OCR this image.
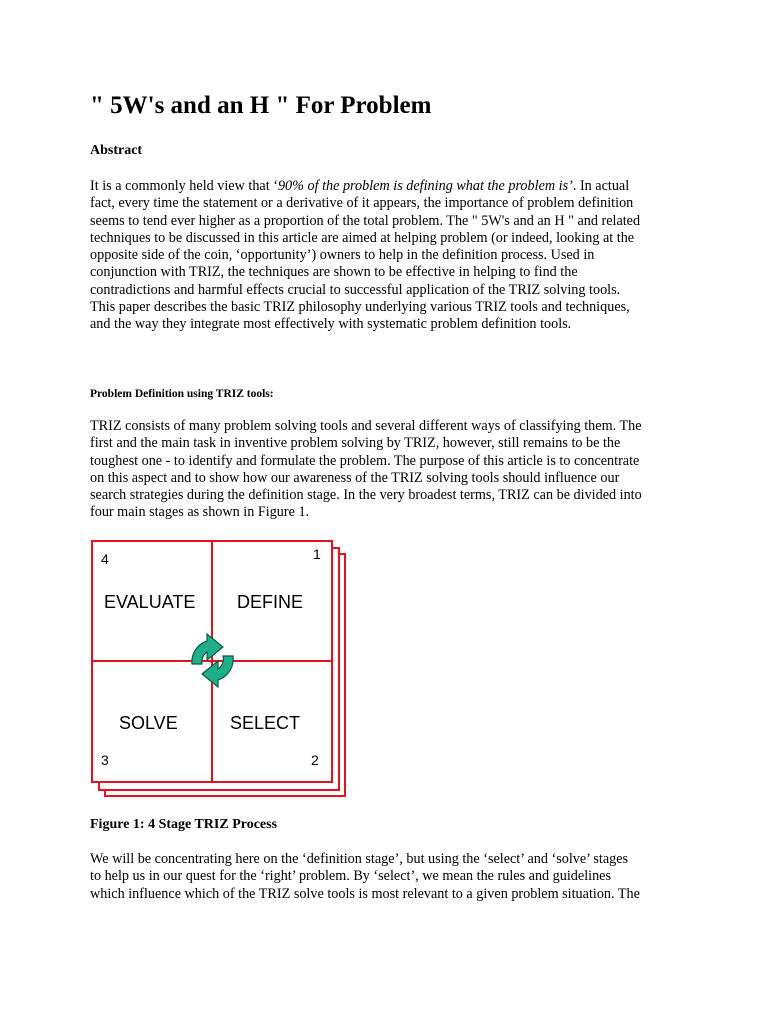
" 5W's and an H " For Problem

Abstract

It is a commonly held view that ‘90% of the problem is defining what the problem is’. In actual
fact, every time the statement or a derivative of it appears, the importance of problem definition
seems to tend ever higher as a proportion of the total problem. The " 5W's and an H " and related
techniques to be discussed in this article are aimed at helping problem (or indeed, looking at the
opposite side of the coin, ‘opportunity’) owners to help in the definition process. Used in
conjunction with TRIZ, the techniques are shown to be effective in helping to find the
contradictions and harmful effects crucial to successful application of the TRIZ solving tools.
This paper describes the basic TRIZ philosophy underlying various TRIZ tools and techniques,
and the way they integrate most effectively with systematic problem definition tools.

Problem Definition using TRIZ tools:

TRIZ consists of many problem solving tools and several different ways of classifying them. The
first and the main task in inventive problem solving by TRIZ, however, still remains to be the
toughest one - to identify and formulate the problem. The purpose of this article is to concentrate
on this aspect and to show how our awareness of the TRIZ solving tools should influence our
search strategies during the definition stage. In the very broadest terms, TRIZ can be divided into
four main stages as shown in Figure 1.

4	1
3	2
EVALUATE DEFINE
SOLVE	SELECT

Figure 1: 4 Stage TRIZ Process

We will be concentrating here on the ‘definition stage’, but using the ‘select’ and ‘solve’ stages
to help us in our quest for the ‘right’ problem. By ‘select’, we mean the rules and guidelines
which influence which of the TRIZ solve tools is most relevant to a given problem situation. The
